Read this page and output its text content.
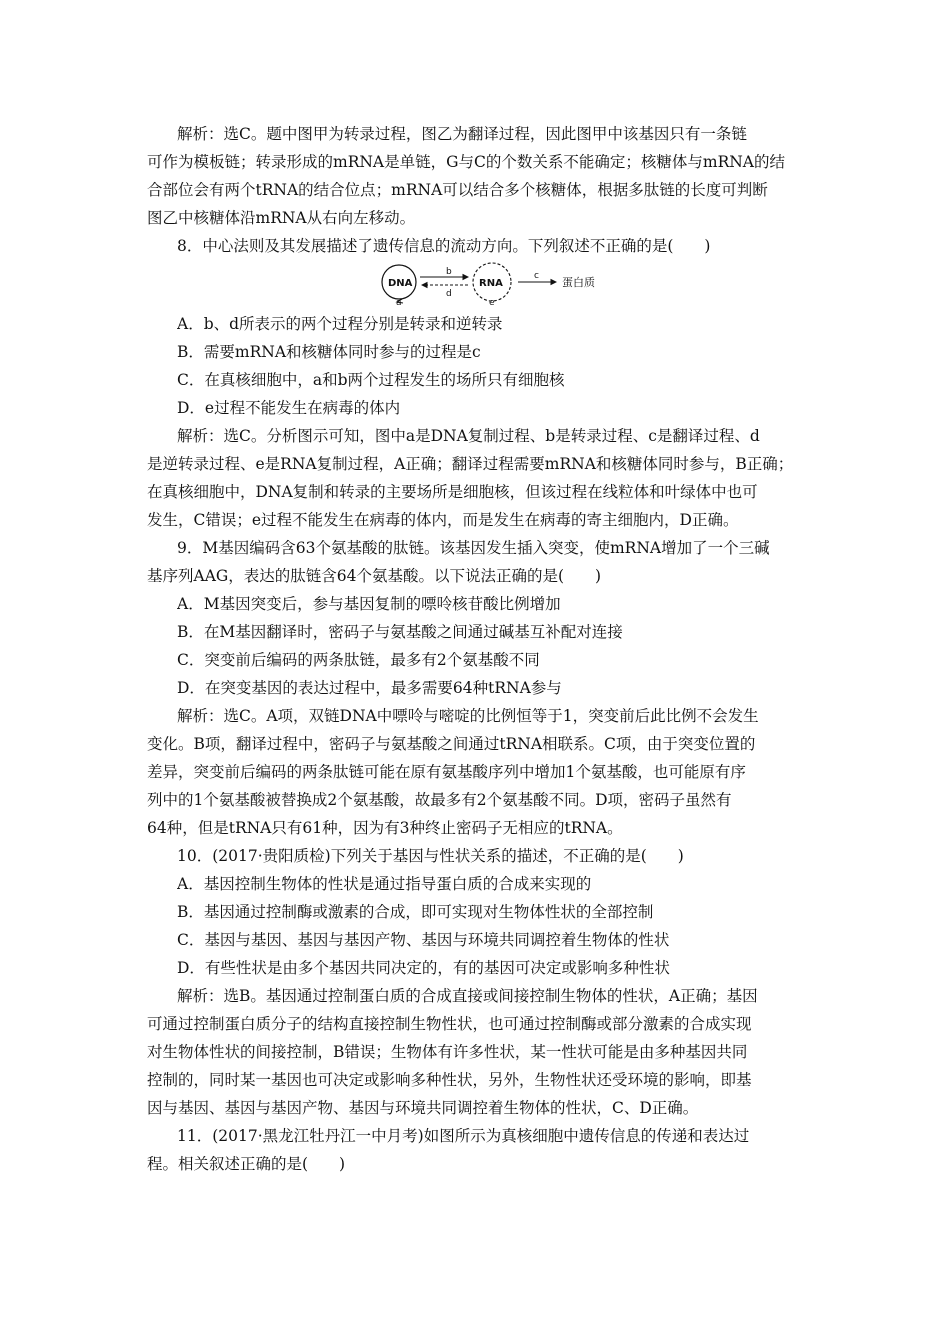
解析：选C。题中图甲为转录过程，图乙为翻译过程，因此图甲中该基因只有一条链
可作为模板链；转录形成的mRNA是单链，G与C的个数关系不能确定；核糖体与mRNA的结
合部位会有两个tRNA的结合位点；mRNA可以结合多个核糖体，根据多肽链的长度可判断
图乙中核糖体沿mRNA从右向左移动。
8．中心法则及其发展描述了遗传信息的流动方向。下列叙述不正确的是(　　)
DNA
a
b
d
RNA
e
c 蛋白质
A．b、d所表示的两个过程分别是转录和逆转录
B．需要mRNA和核糖体同时参与的过程是c
C．在真核细胞中，a和b两个过程发生的场所只有细胞核
D．e过程不能发生在病毒的体内
解析：选C。分析图示可知，图中a是DNA复制过程、b是转录过程、c是翻译过程、d
是逆转录过程、e是RNA复制过程，A正确；翻译过程需要mRNA和核糖体同时参与，B正确；
在真核细胞中，DNA复制和转录的主要场所是细胞核，但该过程在线粒体和叶绿体中也可
发生，C错误；e过程不能发生在病毒的体内，而是发生在病毒的寄主细胞内，D正确。
9．M基因编码含63个氨基酸的肽链。该基因发生插入突变，使mRNA增加了一个三碱
基序列AAG，表达的肽链含64个氨基酸。以下说法正确的是(　　)
A．M基因突变后，参与基因复制的嘌呤核苷酸比例增加
B．在M基因翻译时，密码子与氨基酸之间通过碱基互补配对连接
C．突变前后编码的两条肽链，最多有2个氨基酸不同
D．在突变基因的表达过程中，最多需要64种tRNA参与
解析：选C。A项，双链DNA中嘌呤与嘧啶的比例恒等于1，突变前后此比例不会发生
变化。B项，翻译过程中，密码子与氨基酸之间通过tRNA相联系。C项，由于突变位置的
差异，突变前后编码的两条肽链可能在原有氨基酸序列中增加1个氨基酸，也可能原有序
列中的1个氨基酸被替换成2个氨基酸，故最多有2个氨基酸不同。D项，密码子虽然有
64种，但是tRNA只有61种，因为有3种终止密码子无相应的tRNA。
10．(2017·贵阳质检)下列关于基因与性状关系的描述，不正确的是(　　)
A．基因控制生物体的性状是通过指导蛋白质的合成来实现的
B．基因通过控制酶或激素的合成，即可实现对生物体性状的全部控制
C．基因与基因、基因与基因产物、基因与环境共同调控着生物体的性状
D．有些性状是由多个基因共同决定的，有的基因可决定或影响多种性状
解析：选B。基因通过控制蛋白质的合成直接或间接控制生物体的性状，A正确；基因
可通过控制蛋白质分子的结构直接控制生物性状，也可通过控制酶或部分激素的合成实现
对生物体性状的间接控制，B错误；生物体有许多性状，某一性状可能是由多种基因共同
控制的，同时某一基因也可决定或影响多种性状，另外，生物性状还受环境的影响，即基
因与基因、基因与基因产物、基因与环境共同调控着生物体的性状，C、D正确。
11．(2017·黑龙江牡丹江一中月考)如图所示为真核细胞中遗传信息的传递和表达过
程。相关叙述正确的是(　　)
